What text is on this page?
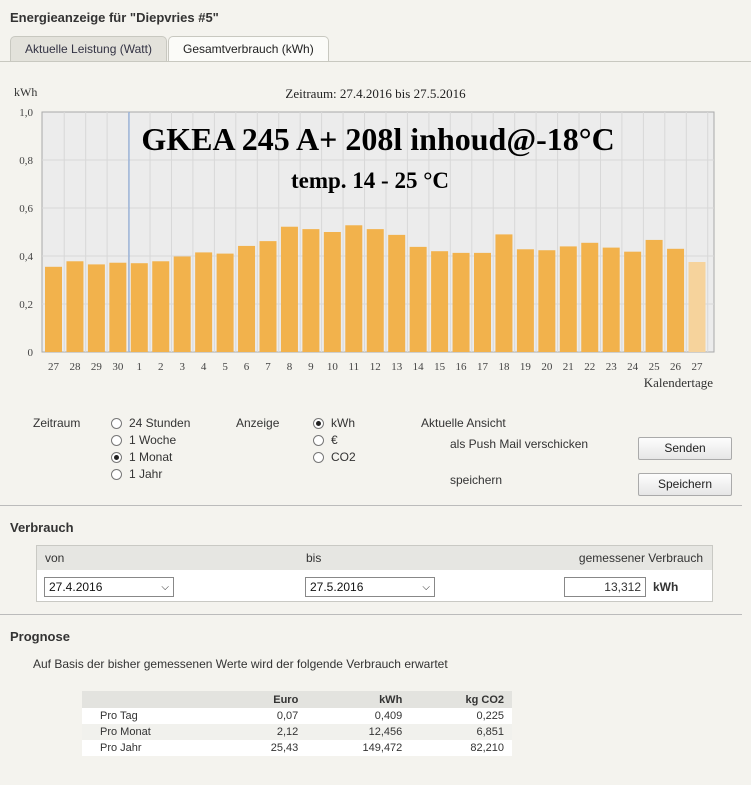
Energieanzeige für "Diepvries #5"
Aktuelle Leistung (Watt)	Gesamtverbrauch (kWh)
Zeitraum: 27.4.2016 bis 27.5.2016
kWh
0
0,2
0,4
0,6
0,8
1,0
27 28 29 30 1 2 3 4 5 6 7 8 9 10 11 12 13 14 15 16 17 18 19 20 21 22 23 24 25 26 27
GKEA 245 A+ 208l inhoud@-18°C
temp. 14 - 25 °C
Kalendertage
Zeitraum	24 Stunden
1 Woche
1 Monat
1 Jahr
Anzeige	kWh
€
CO2
Aktuelle Ansicht
als Push Mail verschicken
speichern
Senden
Speichern
Verbrauch
von	bis	gemessener Verbrauch
27.4.2016	⌵	27.5.2016	⌵	13,312	kWh
Prognose
Auf Basis der bisher gemessenen Werte wird der folgende Verbrauch erwartet
	Euro	kWh	kg CO2
Pro Tag	0,07	0,409	0,225
Pro Monat	2,12	12,456	6,851
Pro Jahr	25,43	149,472	82,210
